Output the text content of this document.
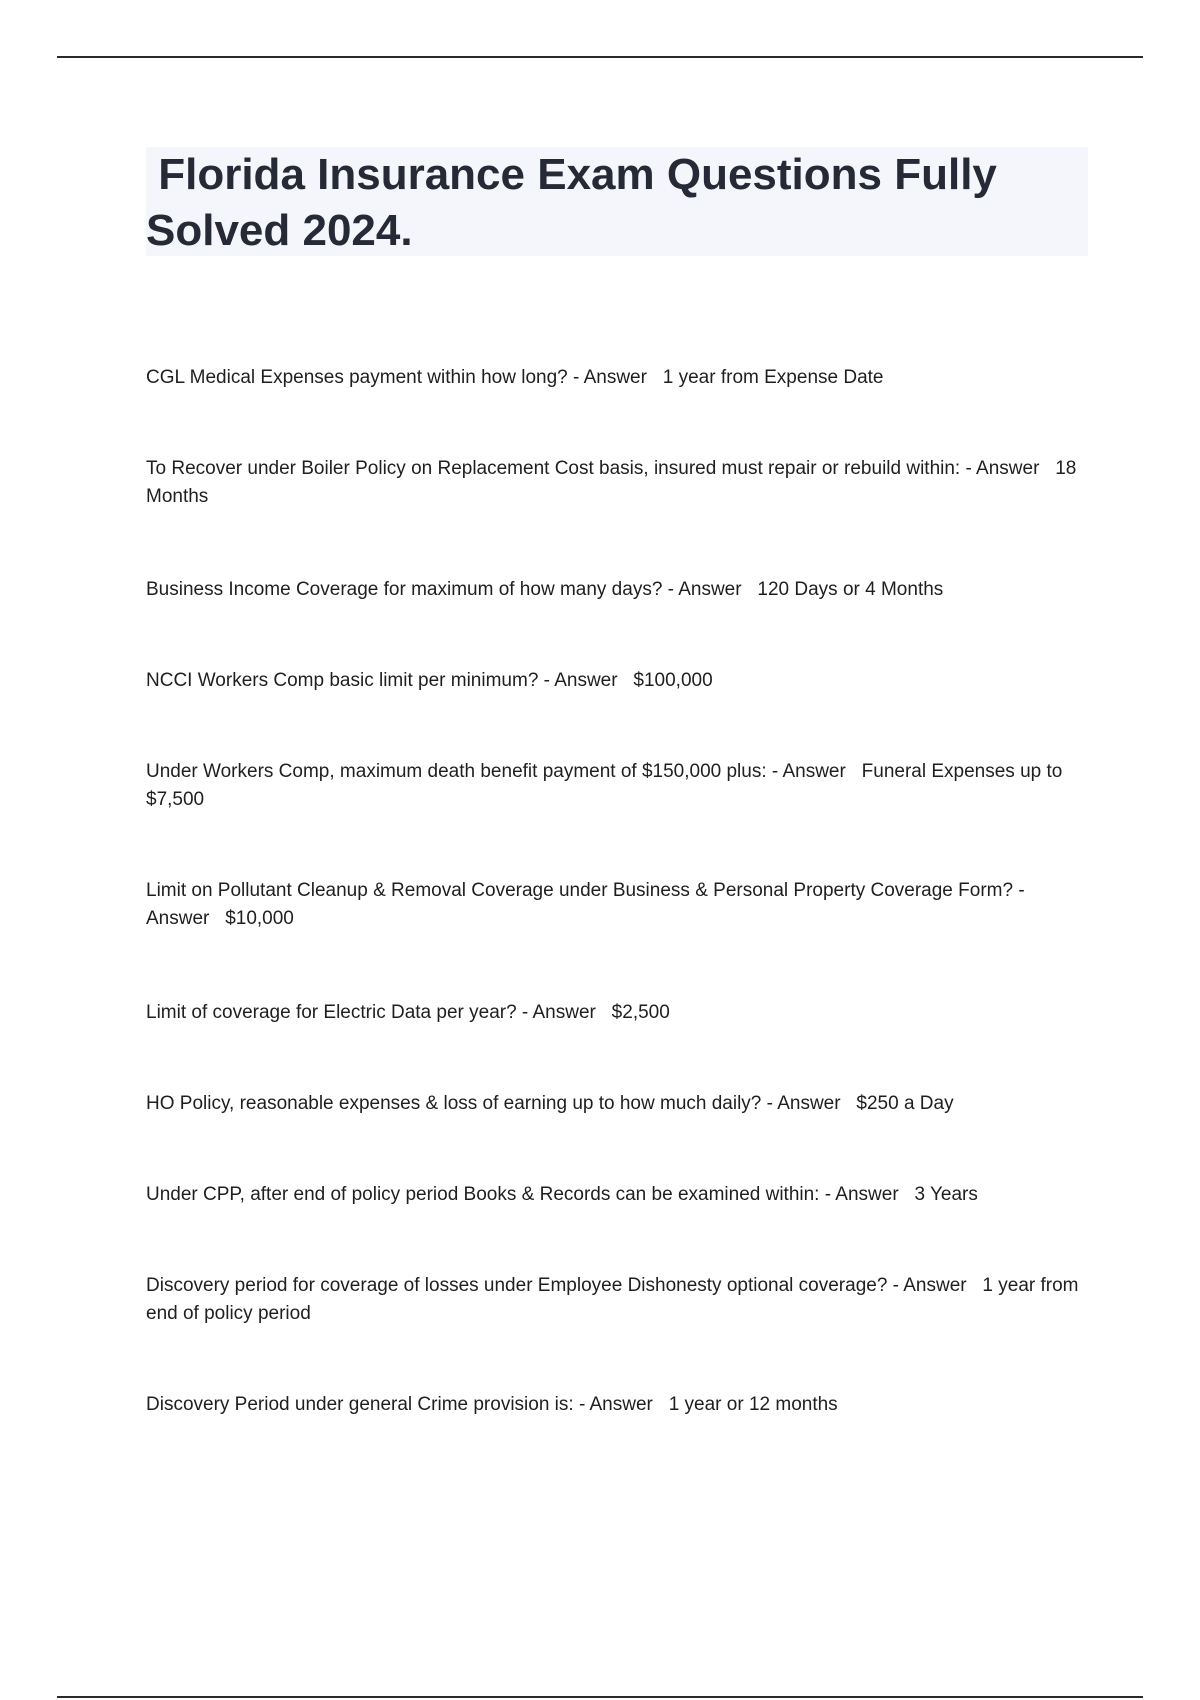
Florida Insurance Exam Questions Fully Solved 2024.

CGL Medical Expenses payment within how long? - Answer   1 year from Expense Date

To Recover under Boiler Policy on Replacement Cost basis, insured must repair or rebuild within: - Answer   18 Months

Business Income Coverage for maximum of how many days? - Answer   120 Days or 4 Months

NCCI Workers Comp basic limit per minimum? - Answer   $100,000

Under Workers Comp, maximum death benefit payment of $150,000 plus: - Answer   Funeral Expenses up to $7,500

Limit on Pollutant Cleanup & Removal Coverage under Business & Personal Property Coverage Form? - Answer   $10,000

Limit of coverage for Electric Data per year? - Answer   $2,500

HO Policy, reasonable expenses & loss of earning up to how much daily? - Answer   $250 a Day

Under CPP, after end of policy period Books & Records can be examined within: - Answer   3 Years

Discovery period for coverage of losses under Employee Dishonesty optional coverage? - Answer   1 year from end of policy period

Discovery Period under general Crime provision is: - Answer   1 year or 12 months
